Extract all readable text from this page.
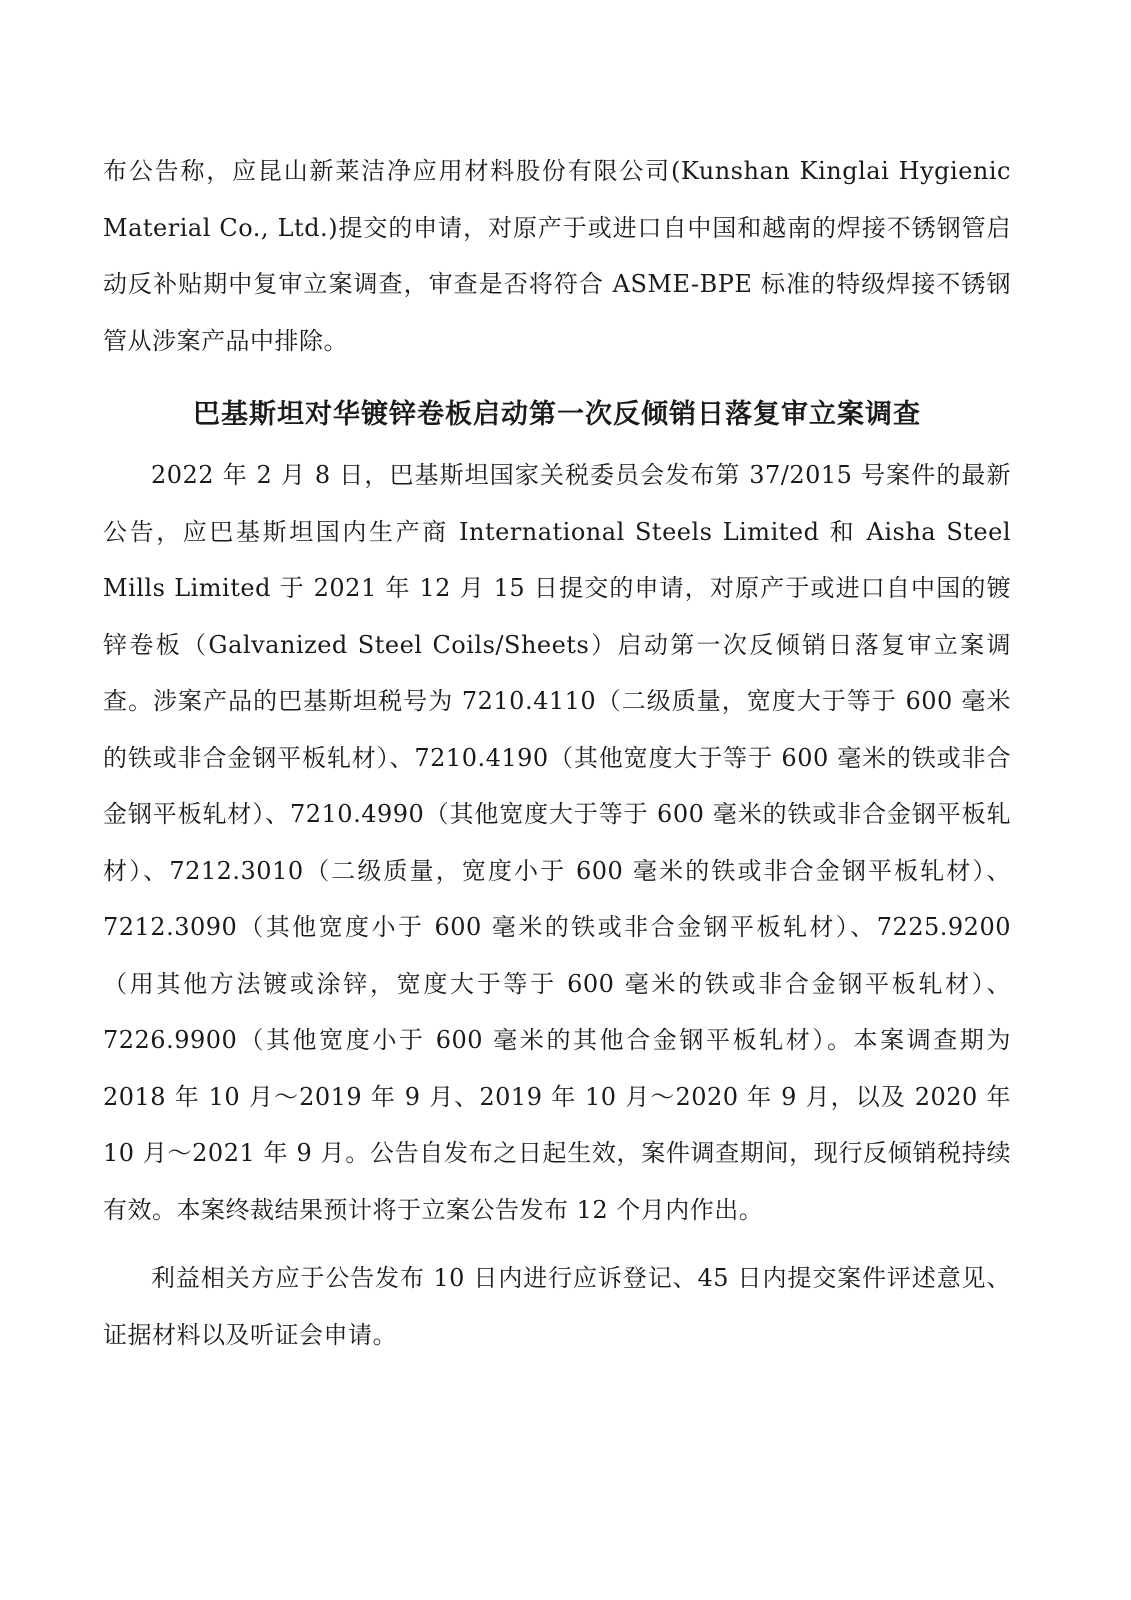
布公告称，应昆山新莱洁净应用材料股份有限公司(Kunshan Kinglai Hygienic Material Co., Ltd.)提交的申请，对原产于或进口自中国和越南的焊接不锈钢管启动反补贴期中复审立案调查，审查是否将符合 ASME-BPE 标准的特级焊接不锈钢管从涉案产品中排除。

巴基斯坦对华镀锌卷板启动第一次反倾销日落复审立案调查

2022 年 2 月 8 日，巴基斯坦国家关税委员会发布第 37/2015 号案件的最新公告，应巴基斯坦国内生产商 International Steels Limited 和 Aisha Steel Mills Limited 于 2021 年 12 月 15 日提交的申请，对原产于或进口自中国的镀锌卷板（Galvanized Steel Coils/Sheets）启动第一次反倾销日落复审立案调查。涉案产品的巴基斯坦税号为 7210.4110（二级质量，宽度大于等于 600 毫米的铁或非合金钢平板轧材）、7210.4190（其他宽度大于等于 600 毫米的铁或非合金钢平板轧材）、7210.4990（其他宽度大于等于 600 毫米的铁或非合金钢平板轧材）、7212.3010（二级质量，宽度小于 600 毫米的铁或非合金钢平板轧材）、7212.3090（其他宽度小于 600 毫米的铁或非合金钢平板轧材）、7225.9200（用其他方法镀或涂锌，宽度大于等于 600 毫米的铁或非合金钢平板轧材）、7226.9900（其他宽度小于 600 毫米的其他合金钢平板轧材）。本案调查期为 2018 年 10 月～2019 年 9 月、2019 年 10 月～2020 年 9 月，以及 2020 年 10 月～2021 年 9 月。公告自发布之日起生效，案件调查期间，现行反倾销税持续有效。本案终裁结果预计将于立案公告发布 12 个月内作出。

利益相关方应于公告发布 10 日内进行应诉登记、45 日内提交案件评述意见、证据材料以及听证会申请。
